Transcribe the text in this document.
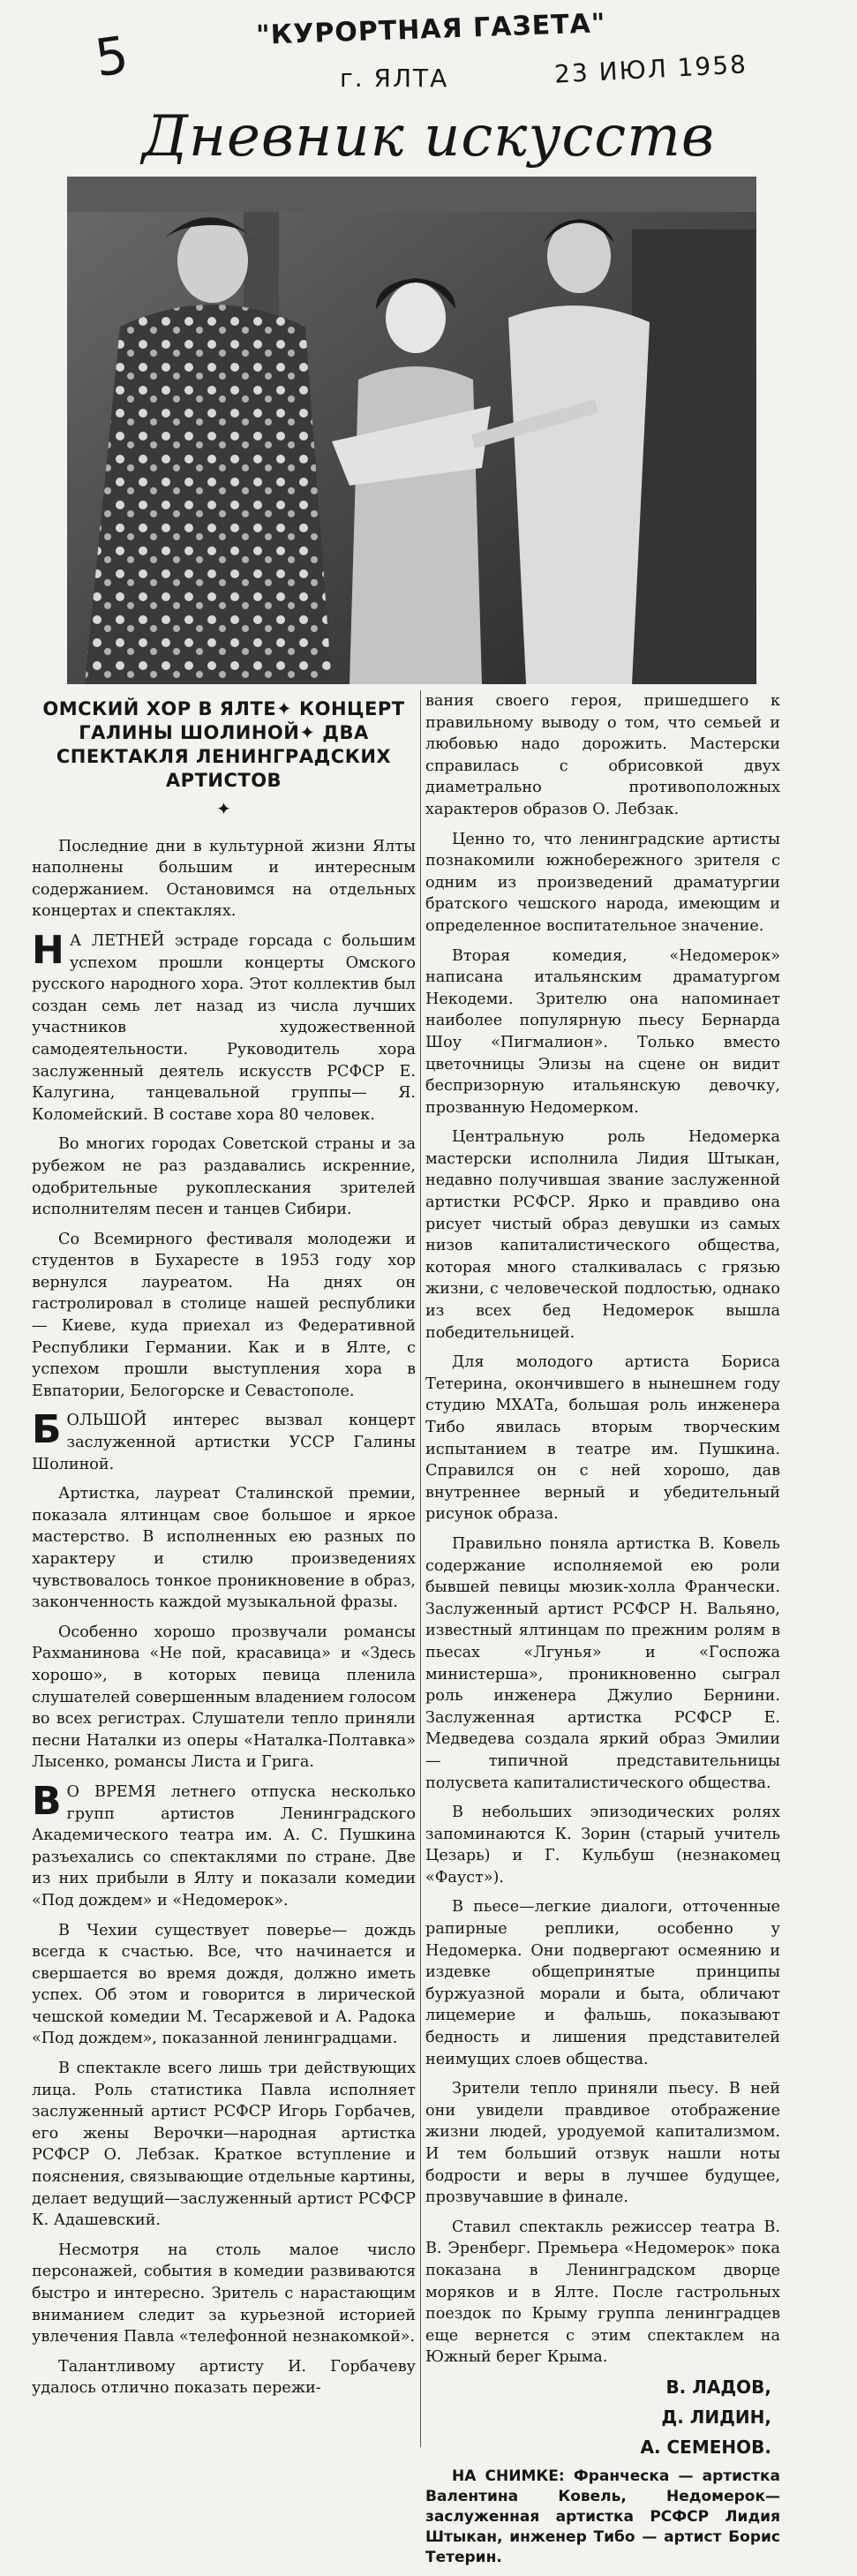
5	"КУРОРТНАЯ ГАЗЕТА"
г. ЯЛТА	23 ИЮЛ 1958
Дневник искусств
ОМСКИЙ ХОР В ЯЛТЕ✦ КОНЦЕРТ ГАЛИНЫ ШОЛИНОЙ✦ ДВА СПЕКТАКЛЯ ЛЕНИНГРАДСКИХ АРТИСТОВ
✦

Последние дни в культурной жизни Ялты наполнены большим и интересным содержанием. Остановимся на отдельных концертах и спектаклях.

Н А ЛЕТНЕЙ эстраде горсада с большим успехом прошли концерты Омского русского народного хора. Этот коллектив был создан семь лет назад из числа лучших участников художественной самодеятельности. Руководитель хора заслуженный деятель искусств РСФСР Е. Калугина, танцевальной группы— Я. Коломейский. В составе хора 80 человек.

Во многих городах Советской страны и за рубежом не раз раздавались искренние, одобрительные рукоплескания зрителей исполнителям песен и танцев Сибири.

Со Всемирного фестиваля молодежи и студентов в Бухаресте в 1953 году хор вернулся лауреатом. На днях он гастролировал в столице нашей республики — Киеве, куда приехал из Федеративной Республики Германии. Как и в Ялте, с успехом прошли выступления хора в Евпатории, Белогорске и Севастополе.

БОЛЬШОЙ интерес вызвал концерт заслуженной артистки УССР Галины Шолиной.

Артистка, лауреат Сталинской премии, показала ялтинцам свое большое и яркое мастерство. В исполненных ею разных по характеру и стилю произведениях чувствовалось тонкое проникновение в образ, законченность каждой музыкальной фразы.

Особенно хорошо прозвучали романсы Рахманинова «Не пой, красавица» и «Здесь хорошо», в которых певица пленила слушателей совершенным владением голосом во всех регистрах. Слушатели тепло приняли песни Наталки из оперы «Наталка-Полтавка» Лысенко, романсы Листа и Грига.

В О ВРЕМЯ летнего отпуска несколько групп артистов Ленинградского Академического театра им. А. С. Пушкина разъехались со спектаклями по стране. Две из них прибыли в Ялту и показали комедии «Под дождем» и «Недомерок».

В Чехии существует поверье— дождь всегда к счастью. Все, что начинается и свершается во время дождя, должно иметь успех. Об этом и говорится в лирической чешской комедии М. Тесаржевой и А. Радока «Под дождем», показанной ленинградцами.

В спектакле всего лишь три действующих лица. Роль статистика Павла исполняет заслуженный артист РСФСР Игорь Горбачев, его жены Верочки—народная артистка РСФСР О. Лебзак. Краткое вступление и пояснения, связывающие отдельные картины, делает ведущий—заслуженный артист РСФСР К. Адашевский.

Несмотря на столь малое число персонажей, события в комедии развиваются быстро и интересно. Зритель с нарастающим вниманием следит за курьезной историей увлечения Павла «телефонной незнакомкой».

Талантливому артисту И. Горбачеву удалось отлично показать пережи-

вания своего героя, пришедшего к правильному выводу о том, что семьей и любовью надо дорожить. Мастерски справилась с обрисовкой двух диаметрально противоположных характеров образов О. Лебзак.

Ценно то, что ленинградские артисты познакомили южнобережного зрителя с одним из произведений драматургии братского чешского народа, имеющим и определенное воспитательное значение.

Вторая комедия, «Недомерок» написана итальянским драматургом Некодеми. Зрителю она напоминает наиболее популярную пьесу Бернарда Шоу «Пигмалион». Только вместо цветочницы Элизы на сцене он видит беспризорную итальянскую девочку, прозванную Недомерком.

Центральную роль Недомерка мастерски исполнила Лидия Штыкан, недавно получившая звание заслуженной артистки РСФСР. Ярко и правдиво она рисует чистый образ девушки из самых низов капиталистического общества, которая много сталкивалась с грязью жизни, с человеческой подлостью, однако из всех бед Недомерок вышла победительницей.

Для молодого артиста Бориса Тетерина, окончившего в нынешнем году студию МХАТа, большая роль инженера Тибо явилась вторым творческим испытанием в театре им. Пушкина. Справился он с ней хорошо, дав внутреннее верный и убедительный рисунок образа.

Правильно поняла артистка В. Ковель содержание исполняемой ею роли бывшей певицы мюзик-холла Франчески. Заслуженный артист РСФСР Н. Вальяно, известный ялтинцам по прежним ролям в пьесах «Лгунья» и «Госпожа министерша», проникновенно сыграл роль инженера Джулио Бернини. Заслуженная артистка РСФСР Е. Медведева создала яркий образ Эмилии — типичной представительницы полусвета капиталистического общества.

В небольших эпизодических ролях запоминаются К. Зорин (старый учитель Цезарь) и Г. Кульбуш (незнакомец «Фауст»).

В пьесе—легкие диалоги, отточенные рапирные реплики, особенно у Недомерка. Они подвергают осмеянию и издевке общепринятые принципы буржуазной морали и быта, обличают лицемерие и фальшь, показывают бедность и лишения представителей неимущих слоев общества.

Зрители тепло приняли пьесу. В ней они увидели правдивое отображение жизни людей, уродуемой капитализмом. И тем больший отзвук нашли ноты бодрости и веры в лучшее будущее, прозвучавшие в финале.

Ставил спектакль режиссер театра В. В. Эренберг. Премьера «Недомерок» пока показана в Ленинградском дворце моряков и в Ялте. После гастрольных поездок по Крыму группа ленинградцев еще вернется с этим спектаклем на Южный берег Крыма.

В. ЛАДОВ,

Д. ЛИДИН,

А. СЕМЕНОВ.

НА СНИМКЕ: Франческа — артистка Валентина Ковель, Недомерок— заслуженная артистка РСФСР Лидия Штыкан, инженер Тибо — артист Борис Тетерин.
